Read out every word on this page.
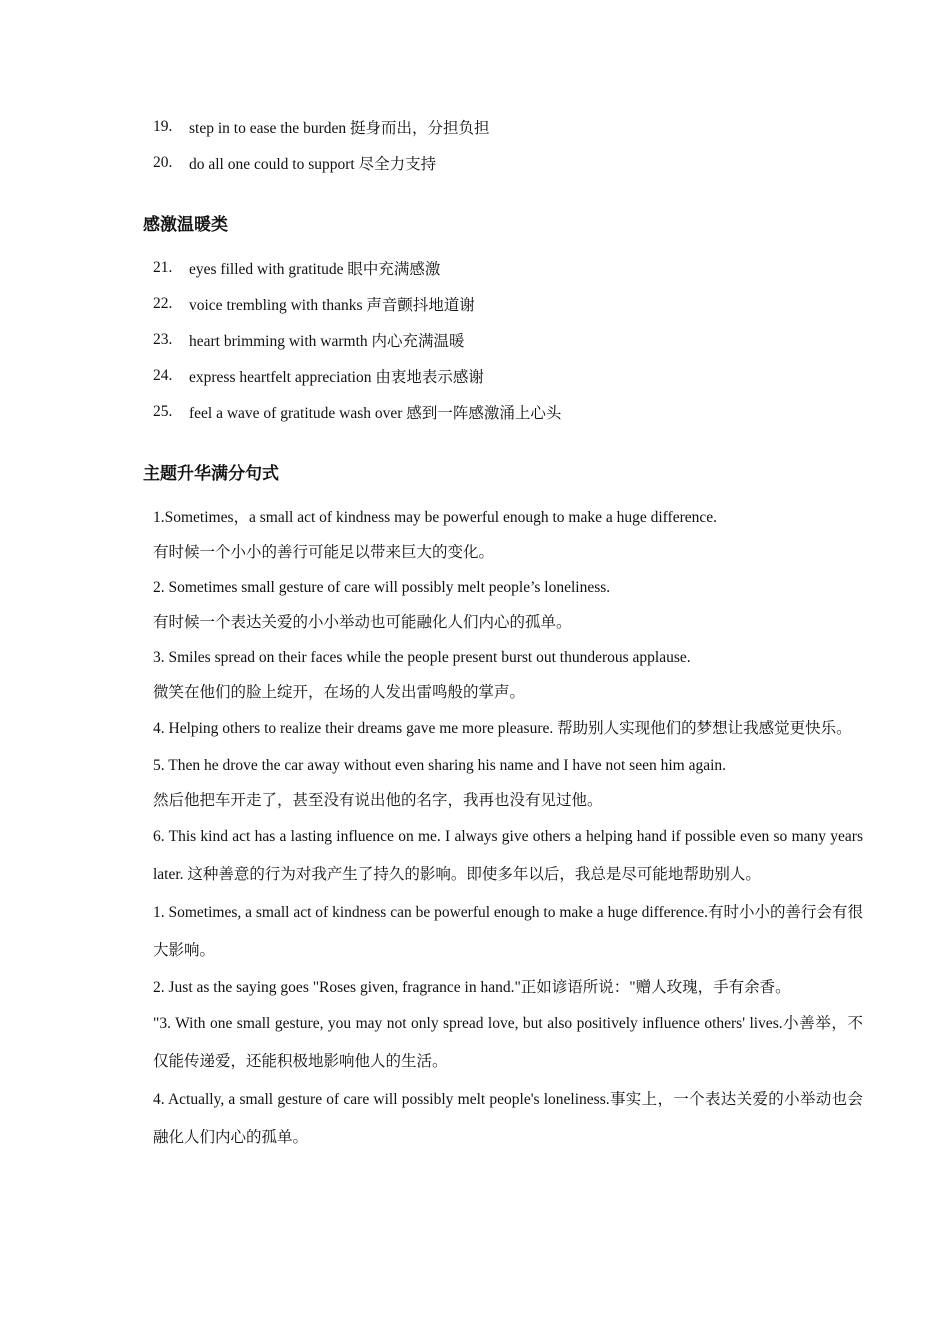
19.	step in to ease the burden 挺身而出，分担负担
20.	do all one could to support 尽全力支持
感激温暖类
21.	eyes filled with gratitude 眼中充满感激
22.	voice trembling with thanks 声音颤抖地道谢
23.	heart brimming with warmth 内心充满温暖
24.	express heartfelt appreciation 由衷地表示感谢
25.	feel a wave of gratitude wash over 感到一阵感激涌上心头
主题升华满分句式

1.Sometimes，a small act of kindness may be powerful enough to make a huge difference.

有时候一个小小的善行可能足以带来巨大的变化。

2. Sometimes small gesture of care will possibly melt people’s loneliness.

有时候一个表达关爱的小小举动也可能融化人们内心的孤单。

3. Smiles spread on their faces while the people present burst out thunderous applause.

微笑在他们的脸上绽开，在场的人发出雷鸣般的掌声。

4. Helping others to realize their dreams gave me more pleasure. 帮助别人实现他们的梦想让我感觉更快乐。

5. Then he drove the car away without even sharing his name and I have not seen him again.

然后他把车开走了，甚至没有说出他的名字，我再也没有见过他。

6. This kind act has a lasting influence on me. I always give others a helping hand if possible even so many years later. 这种善意的行为对我产生了持久的影响。即使多年以后，我总是尽可能地帮助别人。

1. Sometimes, a small act of kindness can be powerful enough to make a huge difference.有时小小的善行会有很大影响。

2. Just as the saying goes "Roses given, fragrance in hand."正如谚语所说："赠人玫瑰，手有余香。

"3. With one small gesture, you may not only spread love, but also positively influence others' lives.小善举，不仅能传递爱，还能积极地影响他人的生活。

4. Actually, a small gesture of care will possibly melt people's loneliness.事实上，一个表达关爱的小举动也会融化人们内心的孤单。
